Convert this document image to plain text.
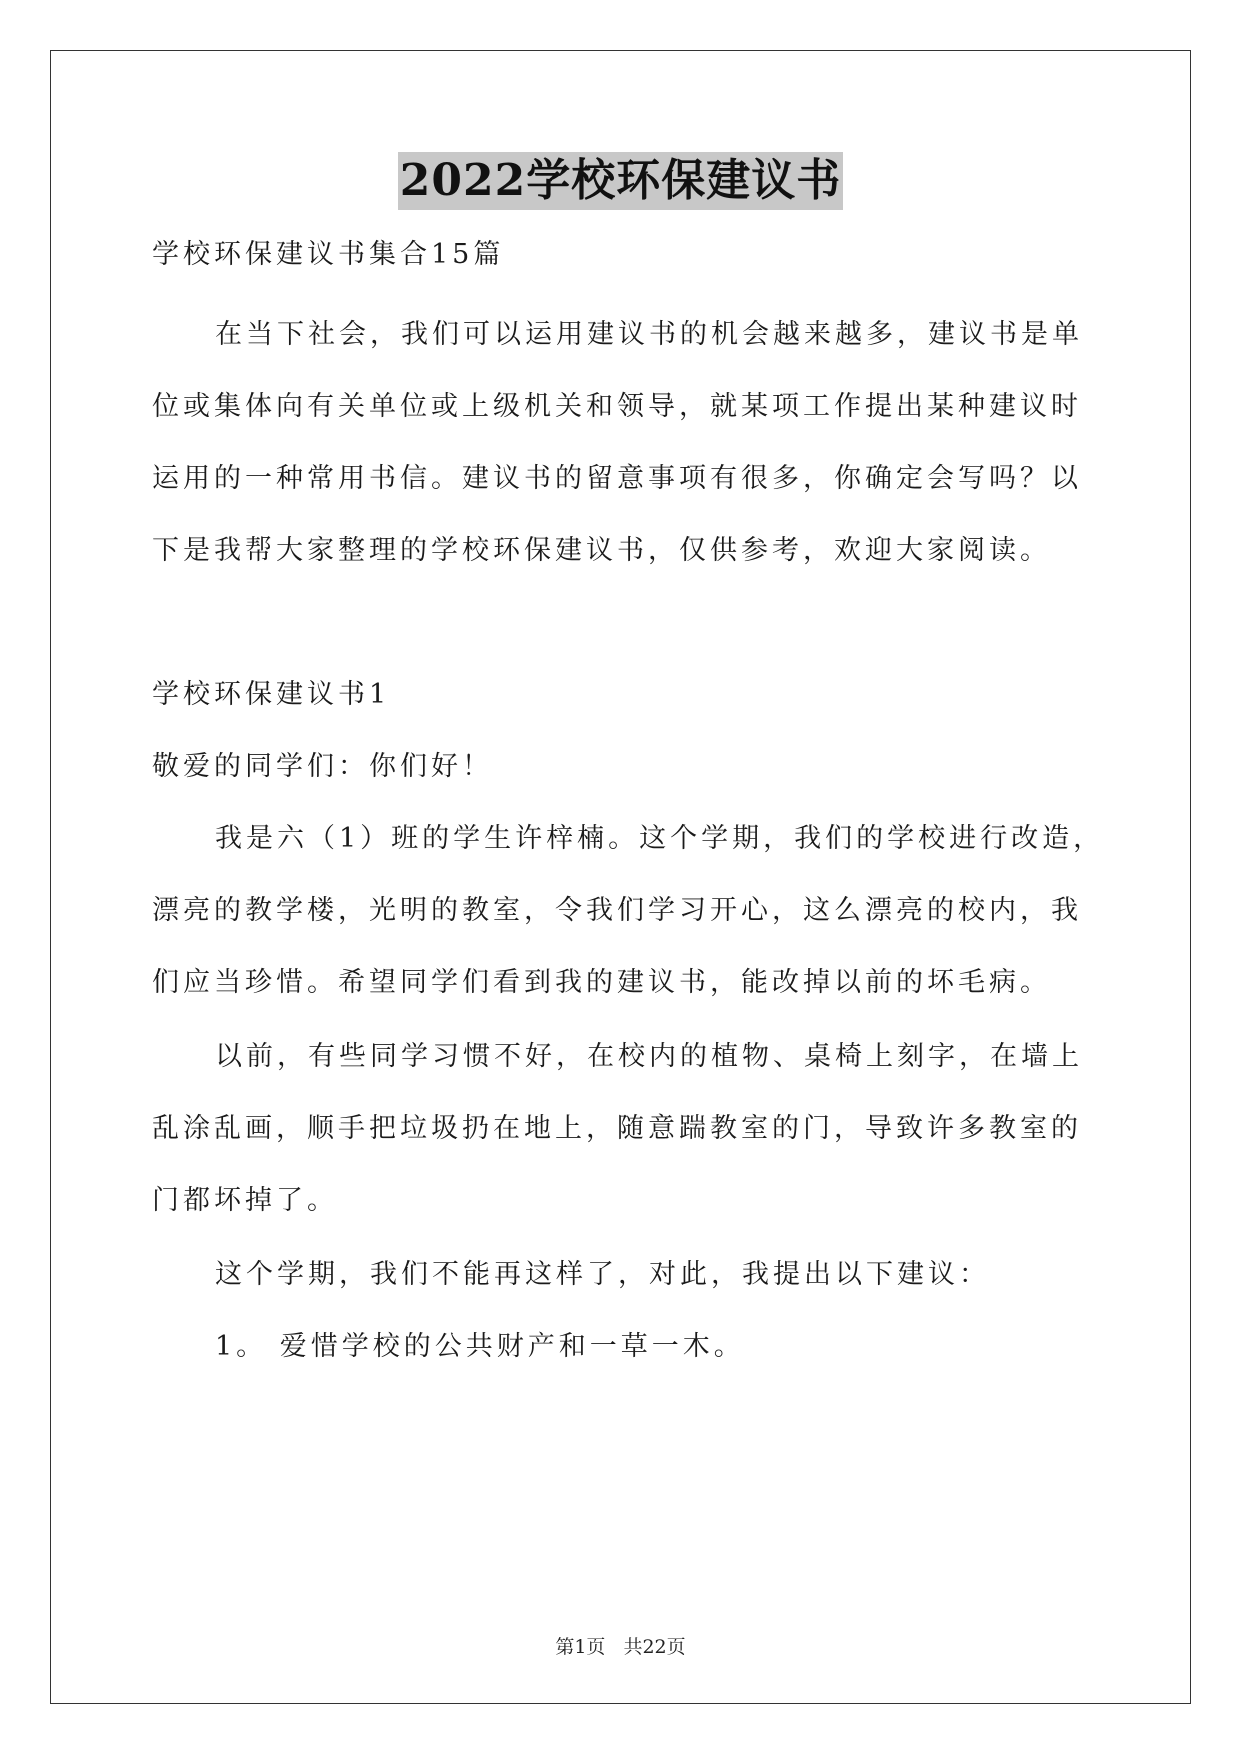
2022学校环保建议书
学校环保建议书集合15篇
在当下社会，我们可以运用建议书的机会越来越多，建议书是单
位或集体向有关单位或上级机关和领导，就某项工作提出某种建议时
运用的一种常用书信。建议书的留意事项有很多，你确定会写吗？以
下是我帮大家整理的学校环保建议书，仅供参考，欢迎大家阅读。
学校环保建议书1
敬爱的同学们：你们好！
我是六（1）班的学生许梓楠。这个学期，我们的学校进行改造，
漂亮的教学楼，光明的教室，令我们学习开心，这么漂亮的校内，我
们应当珍惜。希望同学们看到我的建议书，能改掉以前的坏毛病。
以前，有些同学习惯不好，在校内的植物、桌椅上刻字，在墙上
乱涂乱画，顺手把垃圾扔在地上，随意踹教室的门，导致许多教室的
门都坏掉了。
这个学期，我们不能再这样了，对此，我提出以下建议：
1。 爱惜学校的公共财产和一草一木。
第1页 共22页
